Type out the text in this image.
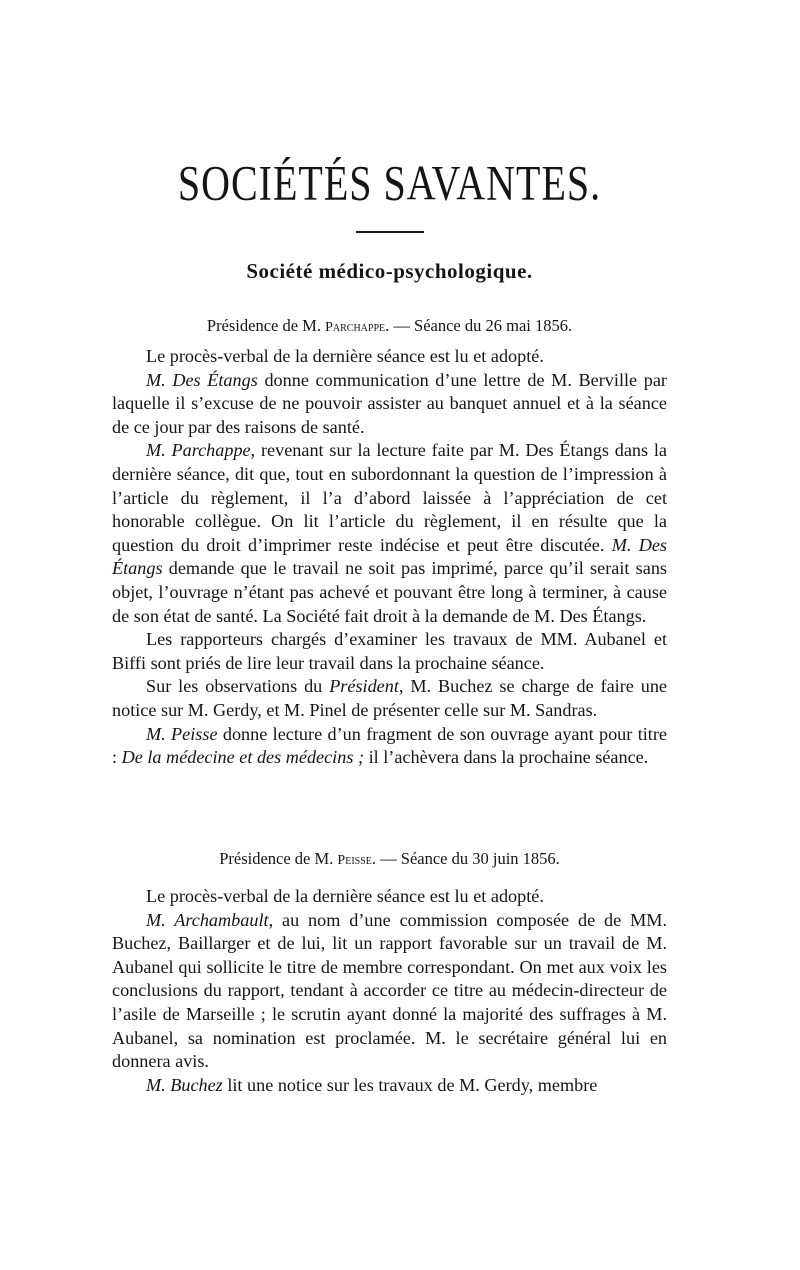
SOCIÉTÉS SAVANTES.
Société médico-psychologique.
Présidence de M. Parchappe. — Séance du 26 mai 1856.

Le procès-verbal de la dernière séance est lu et adopté.

M. Des Étangs donne communication d’une lettre de M. Berville par laquelle il s’excuse de ne pouvoir assister au banquet annuel et à la séance de ce jour par des raisons de santé.

M. Parchappe, revenant sur la lecture faite par M. Des Étangs dans la dernière séance, dit que, tout en subordonnant la question de l’impression à l’article du règlement, il l’a d’abord laissée à l’appréciation de cet honorable collègue. On lit l’article du règlement, il en résulte que la question du droit d’imprimer reste indécise et peut être discutée. M. Des Étangs demande que le travail ne soit pas imprimé, parce qu’il serait sans objet, l’ouvrage n’étant pas achevé et pouvant être long à terminer, à cause de son état de santé. La Société fait droit à la demande de M. Des Étangs.

Les rapporteurs chargés d’examiner les travaux de MM. Aubanel et Biffi sont priés de lire leur travail dans la prochaine séance.

Sur les observations du Président, M. Buchez se charge de faire une notice sur M. Gerdy, et M. Pinel de présenter celle sur M. Sandras.

M. Peisse donne lecture d’un fragment de son ouvrage ayant pour titre : De la médecine et des médecins ; il l’achèvera dans la prochaine séance.

Présidence de M. Peisse. — Séance du 30 juin 1856.

Le procès-verbal de la dernière séance est lu et adopté.

M. Archambault, au nom d’une commission composée de de MM. Buchez, Baillarger et de lui, lit un rapport favorable sur un travail de M. Aubanel qui sollicite le titre de membre correspondant. On met aux voix les conclusions du rapport, tendant à accorder ce titre au médecin-directeur de l’asile de Marseille ; le scrutin ayant donné la majorité des suffrages à M. Aubanel, sa nomination est proclamée. M. le secrétaire général lui en donnera avis.

M. Buchez lit une notice sur les travaux de M. Gerdy, membre
